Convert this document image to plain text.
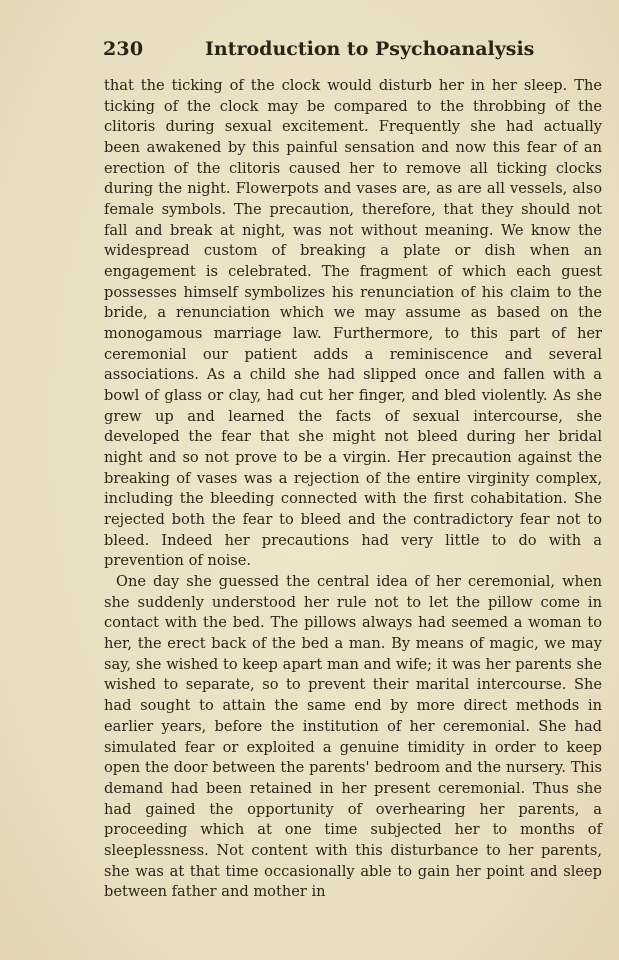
230	Introduction to Psychoanalysis

that the ticking of the clock would disturb her in her sleep. The ticking of the clock may be compared to the throbbing of the clitoris during sexual excitement. Frequently she had actually been awakened by this painful sensation and now this fear of an erection of the clitoris caused her to remove all ticking clocks during the night. Flowerpots and vases are, as are all vessels, also female symbols. The precaution, therefore, that they should not fall and break at night, was not without meaning. We know the widespread custom of breaking a plate or dish when an engagement is celebrated. The fragment of which each guest possesses himself symbolizes his renunciation of his claim to the bride, a renunciation which we may assume as based on the monogamous marriage law. Furthermore, to this part of her ceremonial our patient adds a reminiscence and several associations. As a child she had slipped once and fallen with a bowl of glass or clay, had cut her finger, and bled violently. As she grew up and learned the facts of sexual intercourse, she developed the fear that she might not bleed during her bridal night and so not prove to be a virgin. Her precaution against the breaking of vases was a rejection of the entire virginity complex, including the bleeding connected with the first cohabitation. She rejected both the fear to bleed and the contradictory fear not to bleed. Indeed her precautions had very little to do with a prevention of noise.

One day she guessed the central idea of her ceremonial, when she suddenly understood her rule not to let the pillow come in contact with the bed. The pillows always had seemed a woman to her, the erect back of the bed a man. By means of magic, we may say, she wished to keep apart man and wife; it was her parents she wished to separate, so to prevent their marital intercourse. She had sought to attain the same end by more direct methods in earlier years, before the institution of her ceremonial. She had simulated fear or exploited a genuine timidity in order to keep open the door between the parents' bedroom and the nursery. This demand had been retained in her present ceremonial. Thus she had gained the opportunity of overhearing her parents, a proceeding which at one time subjected her to months of sleeplessness. Not content with this disturbance to her parents, she was at that time occasionally able to gain her point and sleep between father and mother in
